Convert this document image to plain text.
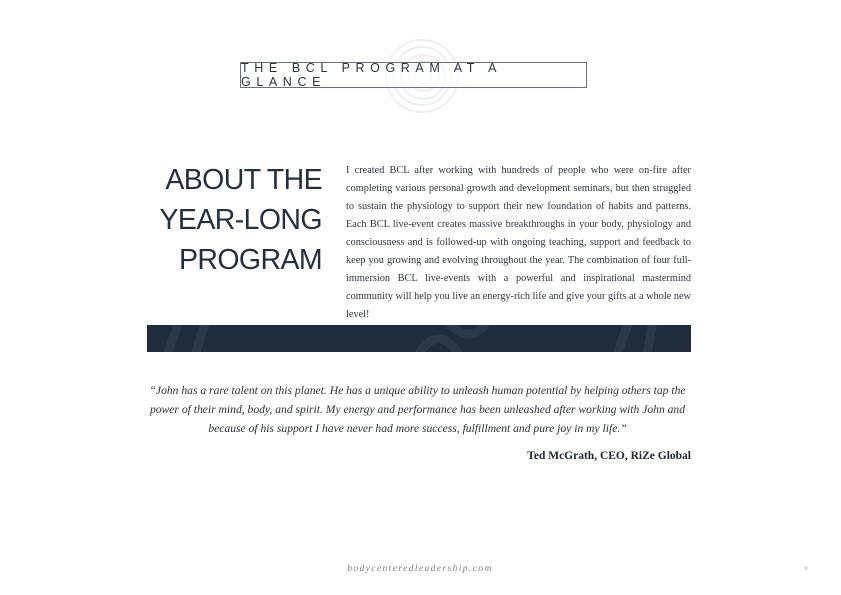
THE BCL PROGRAM AT A GLANCE
ABOUT THE
YEAR-LONG
PROGRAM
I created BCL after working with hundreds of people who were on-fire after completing various personal growth and development seminars, but then struggled to sustain the physiology to support their new foundation of habits and patterns. Each BCL live-event creates massive breakthroughs in your body, physiology and consciousness and is followed-up with ongoing teaching, support and feedback to keep you growing and evolving throughout the year. The combination of four full-immersion BCL live-events with a powerful and inspirational mastermind community will help you live an energy-rich life and give your gifts at a whole new level!
“John has a rare talent on this planet. He has a unique ability to unleash human potential by helping others tap the power of their mind, body, and spirit. My energy and performance has been unleashed after working with John and because of his support I have never had more success, fulfillment and pure joy in my life.”
Ted McGrath, CEO, RiZe Global
bodycenteredleadership.com	9
